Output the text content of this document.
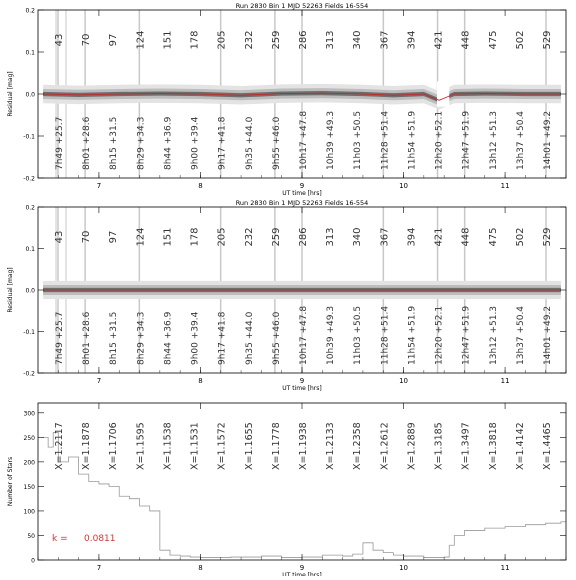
43 70 97 124 151 178 205 232 259 286 313 340 367 394 421 448 475 502 529
7h49 +25.7 8h01 +28.6 8h15 +31.5 8h29 +34.3 8h44 +36.9 9h00 +39.4 9h17 +41.8 9h35 +44.0 9h55 +46.0 10h17 +47.8 10h39 +49.3 11h03 +50.5 11h28 +51.4 11h54 +51.9 12h20 +52.1 12h47 +51.9 13h12 +51.3 13h37 +50.4 14h01 +49.2
7	8	9	10	11
-0.2
-0.1
0.0
0.1
0.2
UT time [hrs]
Residual [mag]
Run 2830 Bin 1 MJD 52263 Fields 16-554
43 70 97 124 151 178 205 232 259 286 313 340 367 394 421 448 475 502 529
7h49 +25.7 8h01 +28.6 8h15 +31.5 8h29 +34.3 8h44 +36.9 9h00 +39.4 9h17 +41.8 9h35 +44.0 9h55 +46.0 10h17 +47.8 10h39 +49.3 11h03 +50.5 11h28 +51.4 11h54 +51.9 12h20 +52.1 12h47 +51.9 13h12 +51.3 13h37 +50.4 14h01 +49.2
7	8	9	10	11
-0.2
-0.1
0.0
0.1
0.2
UT time [hrs]
Residual [mag]
Run 2830 Bin 1 MJD 52263 Fields 16-554
X=1.2117 X=1.1878 X=1.1706 X=1.1595 X=1.1538 X=1.1531 X=1.1572 X=1.1655 X=1.1778 X=1.1938 X=1.2133 X=1.2358 X=1.2612 X=1.2889 X=1.3185 X=1.3497 X=1.3818 X=1.4142 X=1.4465
k = 0.0811
7	8	9	10	11
0
50
100
150
200
250
300
UT time [hrs]
Number of Stars
